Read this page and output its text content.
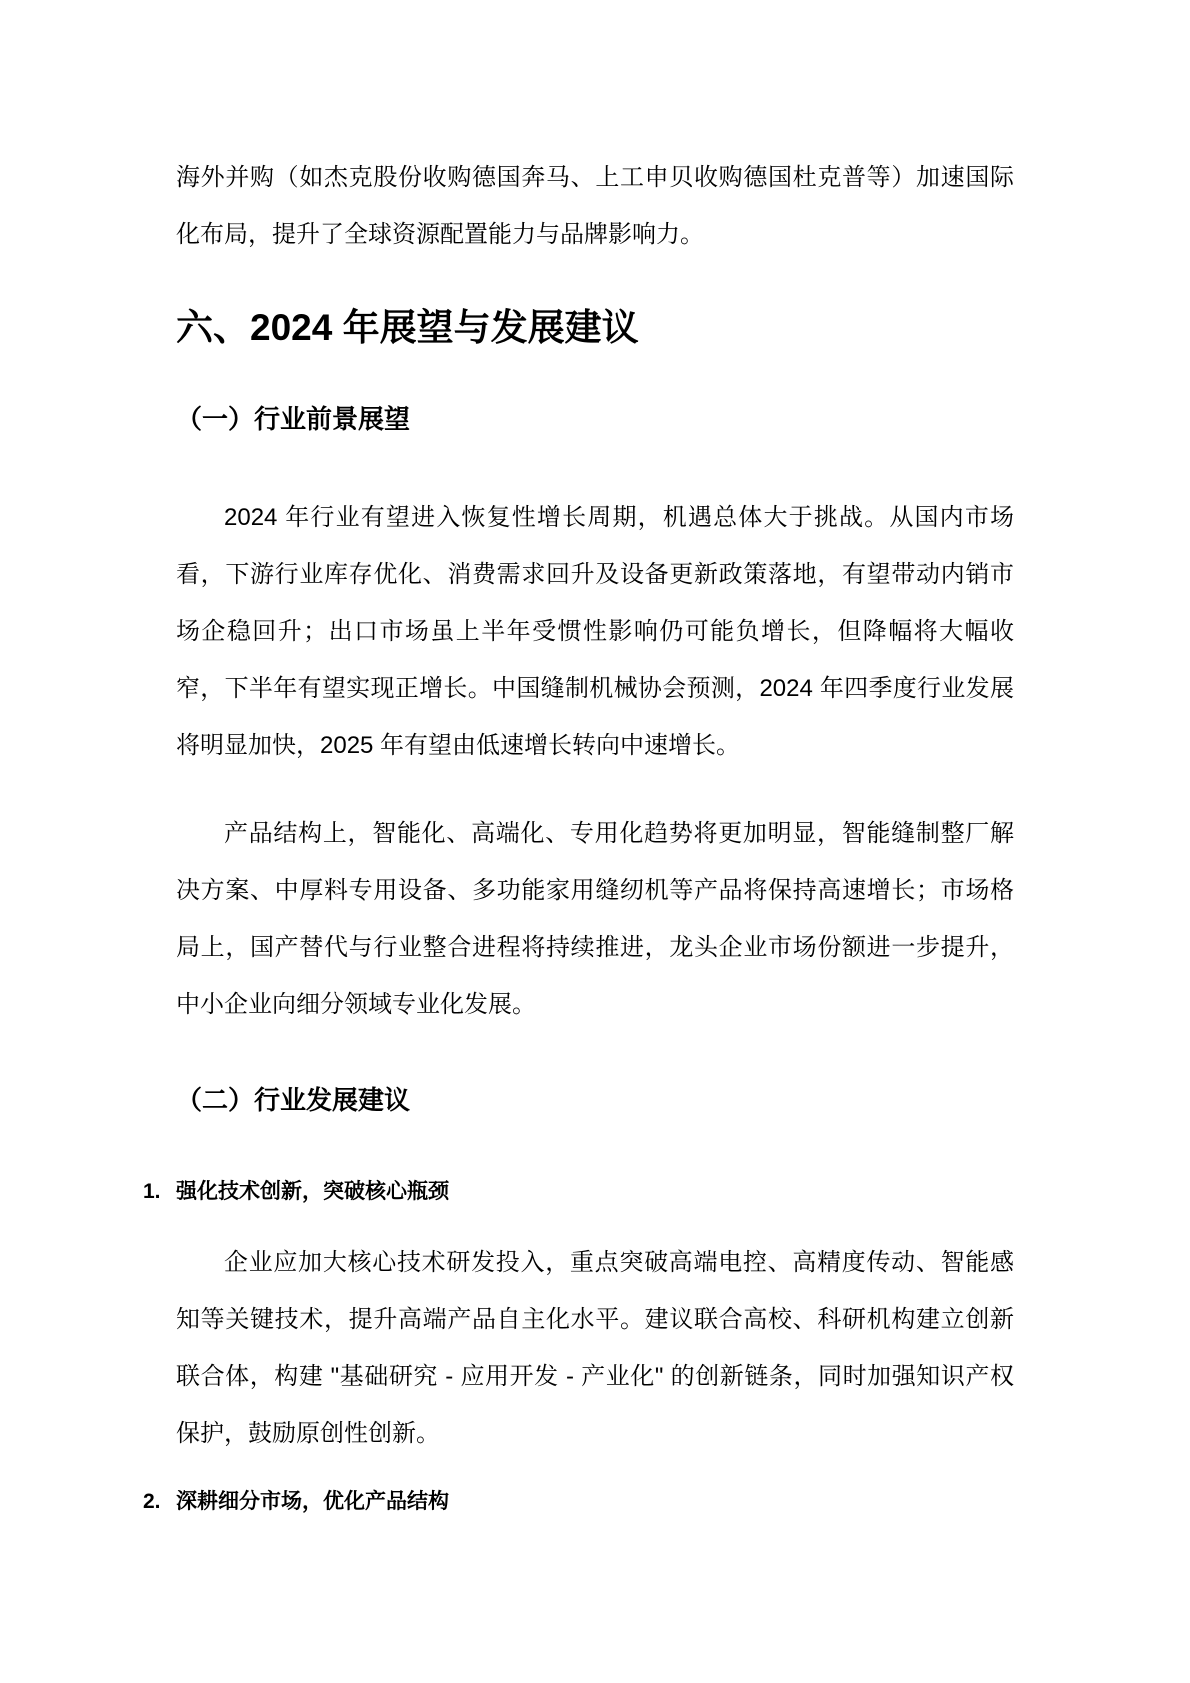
海外并购（如杰克股份收购德国奔马、上工申贝收购德国杜克普等）加速国际化布局，提升了全球资源配置能力与品牌影响力。

六、2024 年展望与发展建议
（一）行业前景展望

2024 年行业有望进入恢复性增长周期，机遇总体大于挑战。从国内市场看，下游行业库存优化、消费需求回升及设备更新政策落地，有望带动内销市场企稳回升；出口市场虽上半年受惯性影响仍可能负增长，但降幅将大幅收窄，下半年有望实现正增长。中国缝制机械协会预测，2024 年四季度行业发展将明显加快，2025 年有望由低速增长转向中速增长。

产品结构上，智能化、高端化、专用化趋势将更加明显，智能缝制整厂解决方案、中厚料专用设备、多功能家用缝纫机等产品将保持高速增长；市场格局上，国产替代与行业整合进程将持续推进，龙头企业市场份额进一步提升，中小企业向细分领域专业化发展。

（二）行业发展建议
1. 强化技术创新，突破核心瓶颈

企业应加大核心技术研发投入，重点突破高端电控、高精度传动、智能感知等关键技术，提升高端产品自主化水平。建议联合高校、科研机构建立创新联合体，构建 "基础研究 - 应用开发 - 产业化" 的创新链条，同时加强知识产权保护，鼓励原创性创新。

2. 深耕细分市场，优化产品结构
